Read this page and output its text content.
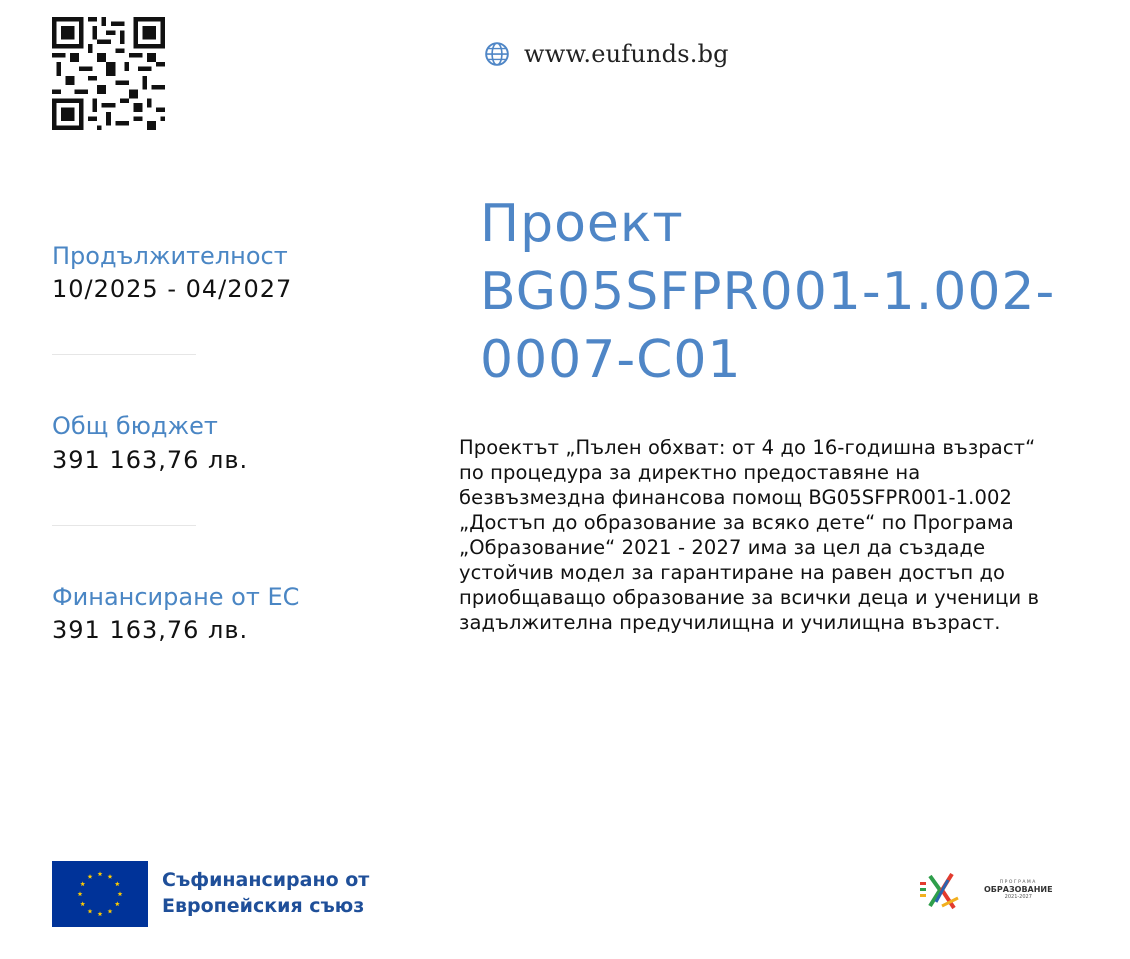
www.eufunds.bg
Проект
BG05SFPR001-1.002-
0007-C01
Продължителност
10/2025 - 04/2027
Общ бюджет
391 163,76 лв.
Финансиране от ЕС
391 163,76 лв.
Проектът „Пълен обхват: от 4 до 16-годишна възраст“ по процедура за директно предоставяне на безвъзмездна финансова помощ BG05SFPR001-1.002 „Достъп до образование за всяко дете“ по Програма „Образование“ 2021 - 2027 има за цел да създаде устойчив модел за гарантиране на равен достъп до приобщаващо образование за всички деца и ученици в задължителна предучилищна и училищна възраст.
Съфинансирано от
Европейския съюз
ПРОГРАМА
ОБРАЗОВАНИЕ
2021-2027
